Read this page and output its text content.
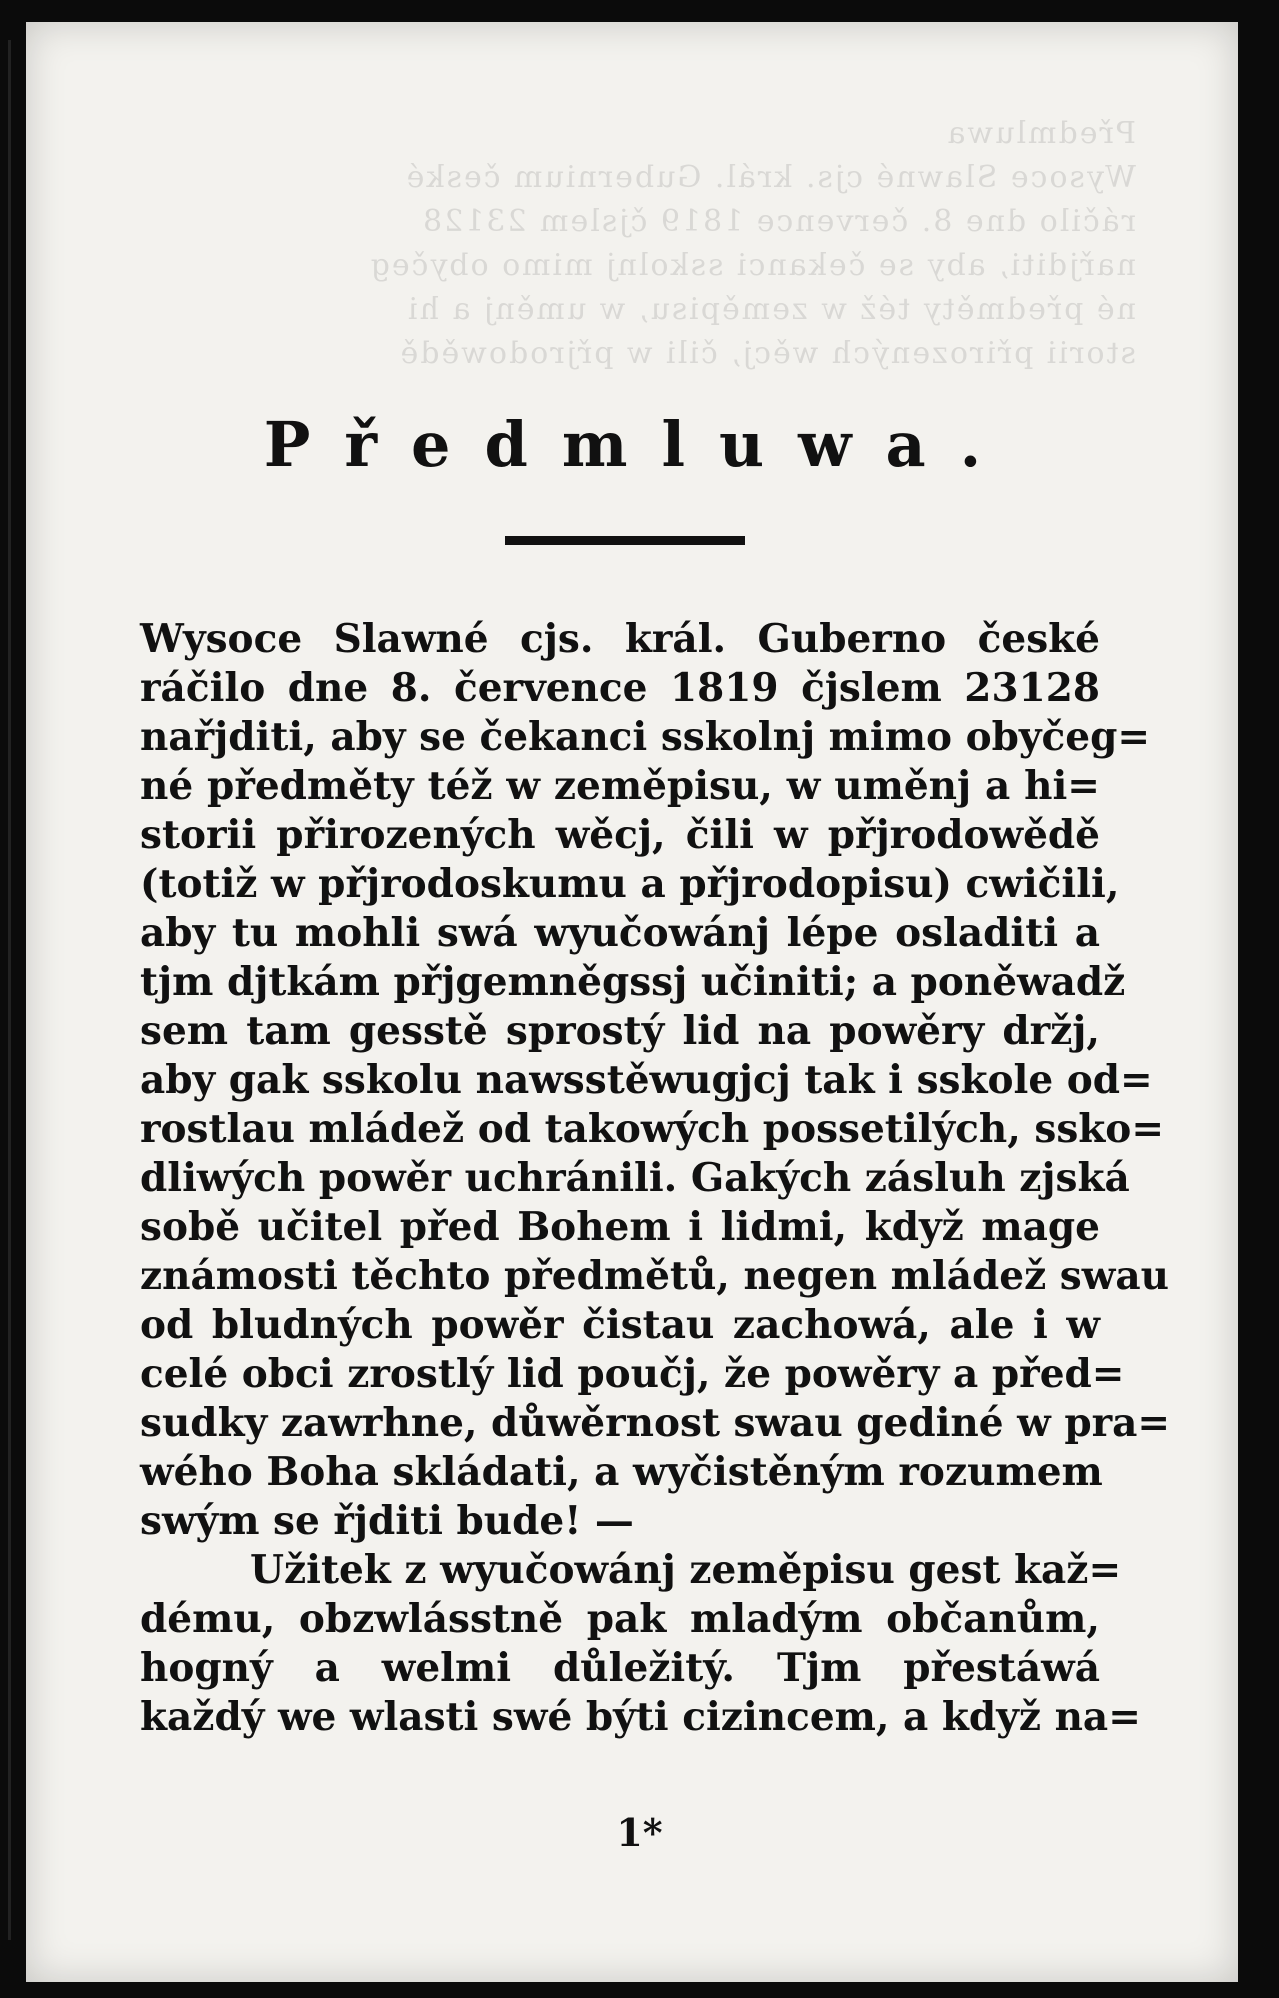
Předmluwa
Wysoce Slawné cjs. král. Gubernium české
ráčilo dne 8. července 1819 čjslem 23128
nařjditi, aby se čekanci sskolnj mimo obyčeg
né předměty též w zeměpisu, w uměnj a hi
storii přirozených wěcj, čili w přjrodowědě
Předmluwa.
Wysoce Slawné cjs. král. Guberno české
ráčilo dne 8. července 1819 čjslem 23128
nařjditi, aby se čekanci sskolnj mimo obyčeg=
né předměty též w zeměpisu, w uměnj a hi=
storii přirozených wěcj, čili w přjrodowědě
(totiž w přjrodoskumu a přjrodopisu) cwičili,
aby tu mohli swá wyučowánj lépe osladiti a
tjm djtkám přjgemněgssj učiniti; a poněwadž
sem tam gesstě sprostý lid na powěry držj,
aby gak sskolu nawsstěwugjcj tak i sskole od=
rostlau mládež od takowých possetilých, ssko=
dliwých powěr uchránili. Gakých zásluh zjská
sobě učitel před Bohem i lidmi, když mage
známosti těchto předmětů, negen mládež swau
od bludných powěr čistau zachowá, ale i w
celé obci zrostlý lid poučj, že powěry a před=
sudky zawrhne, důwěrnost swau gediné w pra=
wého Boha skládati, a wyčistěným rozumem
swým se řjditi bude! —
Užitek z wyučowánj zeměpisu gest kaž=
dému, obzwlásstně pak mladým občanům,
hogný a welmi důležitý. Tjm přestáwá
každý we wlasti swé býti cizincem, a když na=
1*
